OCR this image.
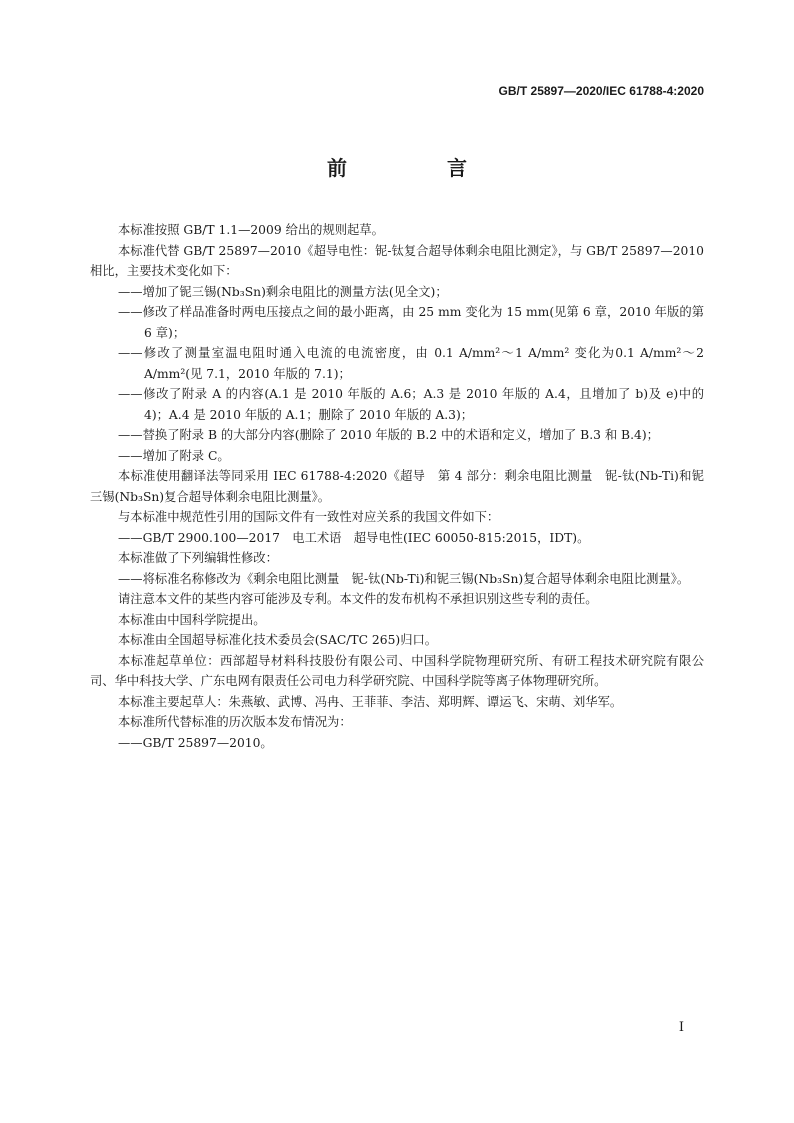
GB/T 25897—2020/IEC 61788-4:2020
前　言

本标准按照 GB/T 1.1—2009 给出的规则起草。

本标准代替 GB/T 25897—2010《超导电性：铌-钛复合超导体剩余电阻比测定》，与 GB/T 25897—2010 相比，主要技术变化如下：

——增加了铌三锡(Nb₃Sn)剩余电阻比的测量方法(见全文)；

——修改了样品准备时两电压接点之间的最小距离，由 25 mm 变化为 15 mm(见第 6 章，2010 年版的第 6 章)；

——修改了测量室温电阻时通入电流的电流密度，由 0.1 A/mm²～1 A/mm² 变化为0.1 A/mm²～2 A/mm²(见 7.1，2010 年版的 7.1)；

——修改了附录 A 的内容(A.1 是 2010 年版的 A.6；A.3 是 2010 年版的 A.4，且增加了 b)及 e)中的 4)；A.4 是 2010 年版的 A.1；删除了 2010 年版的 A.3)；

——替换了附录 B 的大部分内容(删除了 2010 年版的 B.2 中的术语和定义，增加了 B.3 和 B.4)；

——增加了附录 C。

本标准使用翻译法等同采用 IEC 61788-4:2020《超导　第 4 部分：剩余电阻比测量　铌-钛(Nb-Ti)和铌三锡(Nb₃Sn)复合超导体剩余电阻比测量》。

与本标准中规范性引用的国际文件有一致性对应关系的我国文件如下：

——GB/T 2900.100—2017　电工术语　超导电性(IEC 60050-815:2015，IDT)。

本标准做了下列编辑性修改：

——将标准名称修改为《剩余电阻比测量　铌-钛(Nb-Ti)和铌三锡(Nb₃Sn)复合超导体剩余电阻比测量》。

请注意本文件的某些内容可能涉及专利。本文件的发布机构不承担识别这些专利的责任。

本标准由中国科学院提出。

本标准由全国超导标准化技术委员会(SAC/TC 265)归口。

本标准起草单位：西部超导材料科技股份有限公司、中国科学院物理研究所、有研工程技术研究院有限公司、华中科技大学、广东电网有限责任公司电力科学研究院、中国科学院等离子体物理研究所。

本标准主要起草人：朱燕敏、武博、冯冉、王菲菲、李洁、郑明辉、谭运飞、宋萌、刘华军。

本标准所代替标准的历次版本发布情况为：

——GB/T 25897—2010。

I
